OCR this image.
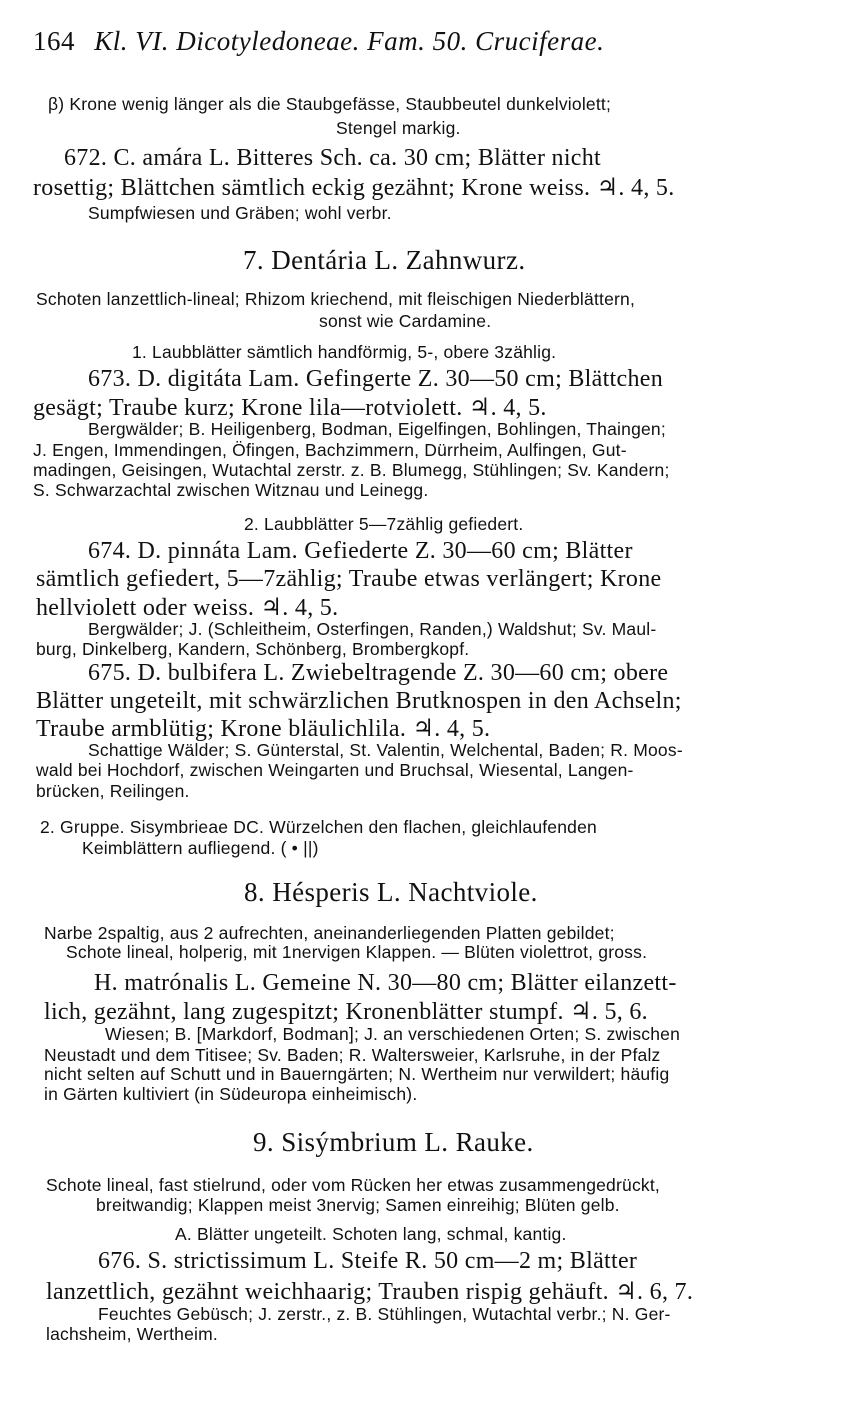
164 Kl. VI. Dicotyledoneae. Fam. 50. Cruciferae.
β) Krone wenig länger als die Staubgefässe, Staubbeutel dunkelviolett;
Stengel markig.
672. C. amára L. Bitteres Sch. ca. 30 cm; Blätter nicht
rosettig; Blättchen sämtlich eckig gezähnt; Krone weiss. ♃. 4, 5.
Sumpfwiesen und Gräben; wohl verbr.
7. Dentária L. Zahnwurz.
Schoten lanzettlich-lineal; Rhizom kriechend, mit fleischigen Niederblättern,
sonst wie Cardamine.
1. Laubblätter sämtlich handförmig, 5-, obere 3zählig.
673. D. digitáta Lam. Gefingerte Z. 30—50 cm; Blättchen
gesägt; Traube kurz; Krone lila—rotviolett. ♃. 4, 5.
Bergwälder; B. Heiligenberg, Bodman, Eigelfingen, Bohlingen, Thaingen;
J. Engen, Immendingen, Öfingen, Bachzimmern, Dürrheim, Aulfingen, Gut-
madingen, Geisingen, Wutachtal zerstr. z. B. Blumegg, Stühlingen; Sv. Kandern;
S. Schwarzachtal zwischen Witznau und Leinegg.
2. Laubblätter 5—7zählig gefiedert.
674. D. pinnáta Lam. Gefiederte Z. 30—60 cm; Blätter
sämtlich gefiedert, 5—7zählig; Traube etwas verlängert; Krone
hellviolett oder weiss. ♃. 4, 5.
Bergwälder; J. (Schleitheim, Osterfingen, Randen,) Waldshut; Sv. Maul-
burg, Dinkelberg, Kandern, Schönberg, Brombergkopf.
675. D. bulbifera L. Zwiebeltragende Z. 30—60 cm; obere
Blätter ungeteilt, mit schwärzlichen Brutknospen in den Achseln;
Traube armblütig; Krone bläulichlila. ♃. 4, 5.
Schattige Wälder; S. Günterstal, St. Valentin, Welchental, Baden; R. Moos-
wald bei Hochdorf, zwischen Weingarten und Bruchsal, Wiesental, Langen-
brücken, Reilingen.
2. Gruppe. Sisymbrieae DC. Würzelchen den flachen, gleichlaufenden
Keimblättern aufliegend. ( • ||)
8. Hésperis L. Nachtviole.
Narbe 2spaltig, aus 2 aufrechten, aneinanderliegenden Platten gebildet;
Schote lineal, holperig, mit 1nervigen Klappen. — Blüten violettrot, gross.
H. matrónalis L. Gemeine N. 30—80 cm; Blätter eilanzett-
lich, gezähnt, lang zugespitzt; Kronenblätter stumpf. ♃. 5, 6.
Wiesen; B. [Markdorf, Bodman]; J. an verschiedenen Orten; S. zwischen
Neustadt und dem Titisee; Sv. Baden; R. Waltersweier, Karlsruhe, in der Pfalz
nicht selten auf Schutt und in Bauerngärten; N. Wertheim nur verwildert; häufig
in Gärten kultiviert (in Südeuropa einheimisch).
9. Sisýmbrium L. Rauke.
Schote lineal, fast stielrund, oder vom Rücken her etwas zusammengedrückt,
breitwandig; Klappen meist 3nervig; Samen einreihig; Blüten gelb.
A. Blätter ungeteilt. Schoten lang, schmal, kantig.
676. S. strictissimum L. Steife R. 50 cm—2 m; Blätter
lanzettlich, gezähnt weichhaarig; Trauben rispig gehäuft. ♃. 6, 7.
Feuchtes Gebüsch; J. zerstr., z. B. Stühlingen, Wutachtal verbr.; N. Ger-
lachsheim, Wertheim.
